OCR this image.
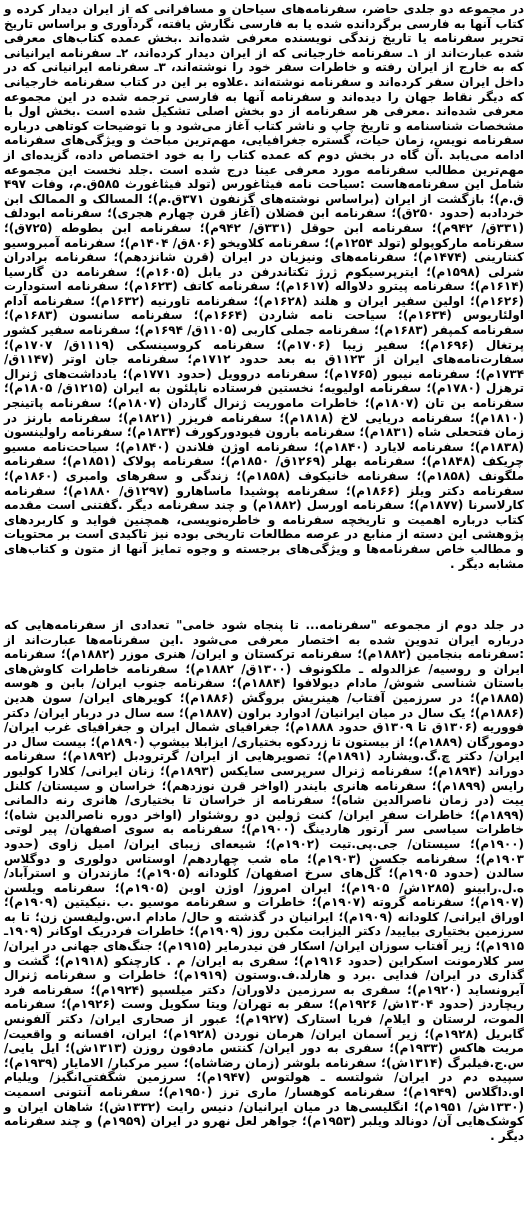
در مجموعه دو جلدی حاضر، سفرنامه‌های سیاحان و مسافرانی که از ایران دیدار کرده و کتاب آنها به فارسی برگردانده شده یا به فارسی نگارش یافته، گردآوری و براساس تاریخ تحریر سفرنامه یا تاریخ زندگی نویسنده معرفی شده‌اند .بخش عمده کتاب‌های معرفی شده عبارت‌اند از ۱ـ سفرنامه خارجیانی که از ایران دیدار کرده‌اند، ۲ـ سفرنامه ایرانیانی که به خارج از ایران رفته و خاطرات سفر خود را نوشته‌اند، ۳ـ سفرنامه ایرانیانی که در داخل ایران سفر کرده‌اند و سفرنامه نوشته‌اند .علاوه بر این در کتاب سفرنامه خارجیانی که دیگر نقاط جهان را دیده‌اند و سفرنامه آنها به فارسی ترجمه شده در این مجموعه معرفی شده‌اند .معرفی هر سفرنامه از دو بخش اصلی تشکیل شده است .بخش اول با مشخصات شناسنامه و تاریخ چاپ و ناشر کتاب آغاز می‌شود و با توضیحات کوتاهی درباره سفرنامه نویس، زمان حیات، گستره جغرافیایی، مهم‌ترین مباحث و ویژگی‌های سفرنامه ادامه می‌یابد .آن گاه در بخش دوم که عمده کتاب را به خود اختصاص داده، گزیده‌ای از مهم‌ترین مطالب سفرنامه مورد معرفی عینا درج شده است .جلد نخست این مجموعه شامل این سفرنامه‌هاست :سیاحت نامه فیثاغورس (تولد فیثاغورث ۵۸۵ق.م، وفات ۴۹۷ ق.م)؛ بازگشت از ایران (براساس نوشته‌های گزنفون ۳۷۱ق.م)؛ المسالک و الممالک ابن خردادبه (حدود ۲۵۰ق)؛ سفرنامه ابن فضلان (آغاز قرن چهارم هجری)؛ سفرنامه ابودلف (۳۳۱ق/ ۹۴۲م)؛ سفرنامه ابن حوقل (۳۳۱ق/ ۹۴۲م)؛ سفرنامه ابن بطوطه (۷۲۵ق)؛ سفرنامه مارکوپولو (تولد ۱۲۵۴م)؛ سفرنامه کلاویخو (۸۰۶ق/ ۱۴۰۴م)؛ سفرنامه آمبروسیو کنتارینی (۱۴۷۴م)؛ سفرنامه‌های ونیزیان در ایران (قرن شانزدهم)؛ سفرنامه برادران شرلی (۱۵۹۸م)؛ ایترپرسیکوم ژرژ تکتاندرفن در یابل (۱۶۰۵م)؛ سفرنامه دن گارسیا (۱۶۱۴م)؛ سفرنامه پیترو دلاواله (۱۶۱۷م)؛ سفرنامه کاتف (۱۶۲۳م)؛ سفرنامه استودارت (۱۶۲۶م)؛ اولین سفیر ایران و هلند (۱۶۲۸م)؛ سفرنامه تاورنیه (۱۶۳۲م)؛ سفرنامه آدام اولئاریوس (۱۶۳۴م)؛ سیاحت نامه شاردن (۱۶۶۴م)؛ سفرنامه سانسون (۱۶۸۳م)؛ سفرنامه کمپفر (۱۶۸۳م)؛ سفرنامه جملی کاربی (۱۱۰۵ق/ ۱۶۹۴م)؛ سفرنامه سفیر کشور پرتغال (۱۶۹۶م)؛ سفیر زیبا (۱۷۰۶م)؛ سفرنامه کروسینسکی (۱۱۱۹ق/ ۱۷۰۷م)؛ سفارت‌نامه‌های ایران از ۱۱۲۳ق به بعد حدود ۱۷۱۲م؛ سفرنامه جان اوتر (۱۱۴۷ق/ ۱۷۳۴م)؛ سفرنامه نیبور (۱۷۶۵م)؛ سفرنامه دروویل (حدود ۱۷۷۱م)؛ یادداشت‌های ژنرال ترهزل (۱۷۸۰م)؛ سفرنامه اولیویه؛ نخستین فرستاده ناپلئون به ایران (۱۲۱۵ق/ ۱۸۰۵م)؛ سفرنامه بن تان (۱۸۰۷م)؛ خاطرات ماموریت ژنرال گاردان (۱۸۰۷م)؛ سفرنامه پاتینجر (۱۸۱۰م)؛ سفرنامه دریایی لاخ (۱۸۱۸م)؛ سفرنامه فریزر (۱۸۲۱م)؛ سفرنامه بارنز در زمان فتحعلی شاه (۱۸۳۱م)؛ سفرنامه بارون فیودورکورف (۱۸۳۴م)؛ سفرنامه راولینسون (۱۸۳۸م)؛ سفرنامه لایارد (۱۸۴۰م)؛ سفرنامه اوژن فلاندن (۱۸۴۰م)؛ سیاحت‌نامه مسیو چریکف (۱۸۴۸م)؛ سفرنامه بهلر (۱۲۶۹ق/ ۱۸۵۰م)؛ سفرنامه پولاک (۱۸۵۱م)؛ سفرنامه ملگونف (۱۸۵۸م)؛ سفرنامه خانیکوف (۱۸۵۸م)؛ زندگی و سفرهای وامبری (۱۸۶۰م)؛ سفرنامه دکتر ویلز (۱۸۶۶م)؛ سفرنامه پوشیدا ماساهارو (۱۲۹۷ق/ ۱۸۸۰م)؛ سفرنامه کارلاسرنا (۱۸۷۷م)؛ سفرنامه اورسل (۱۸۸۲م) و چند سفرنامه دیگر .گفتنی است مقدمه کتاب درباره اهمیت و تاریخچه سفرنامه و خاطره‌نویسی، همچنین فواید و کاربردهای پژوهشی این دسته از منابع در عرصه مطالعات تاریخی بوده نیز تاکیدی است بر محتویات و مطالب خاص سفرنامه‌ها و ویژگی‌های برجسته و وجوه تمایز آنها از متون و کتاب‌های مشابه دیگر .

در جلد دوم از مجموعه "سفرنامه... تا پنجاه شود خامی" تعدادی از سفرنامه‌هایی که درباره ایران تدوین شده به اختصار معرفی می‌شود .این سفرنامه‌ها عبارت‌اند از :سفرنامه بنجامین (۱۸۸۲م)؛ سفرنامه ترکستان و ایران/ هنری موزر (۱۸۸۲م)؛ سفرنامه ایران و روسیه/ عزالدوله ـ ملکونوف (۱۳۰۰ق/ ۱۸۸۲م)؛ سفرنامه خاطرات کاوش‌های باستان شناسی شوش/ مادام دیولافوا (۱۸۸۴م)؛ سفرنامه جنوب ایران/ بابن و هوسه (۱۸۸۵م)؛ در سرزمین آفتاب/ هینریش بروگش (۱۸۸۶م)؛ کویرهای ایران/ سون هدین (۱۸۸۶م)؛ یک سال در میان ایرانیان/ ادوارد براون (۱۸۸۷م)؛ سه سال در دربار ایران/ دکتر فووریه (۱۳۰۶ق تا ۱۳۰۹ق حدود ۱۸۸۸م)؛ جغرافیای شمال ایران و جغرافیای غرب ایران/ دومورگان (۱۸۸۹م)؛ از بیستون تا زردکوه بختیاری/ ایزابلا بیشوپ (۱۸۹۰م)؛ بیست سال در ایران/ دکتر چ.گ.ویشارد (۱۸۹۱م)؛ تصویرهایی از ایران/ گرترودبل (۱۸۹۲م)؛ سفرنامه دوراند (۱۸۹۴م)؛ سفرنامه ژنرال سرپرسی سایکس (۱۸۹۳م)؛ زنان ایرانی/ کلارا کولیور رایس (۱۸۹۹م)؛ سفرنامه هانری بایندر (اواخر قرن نوزدهم)؛ خراسان و سیستان/ کلنل ییت (در زمان ناصرالدین شاه)؛ سفرنامه از خراسان تا بختیاری/ هانری رنه دالمانی (۱۸۹۹م)؛ خاطرات سفر ایران/ کنت ژولین دو روشئوار (اواخر دوره ناصرالدین شاه)؛ خاطرات سیاسی سر آرتور هاردینگ (۱۹۰۰م)؛ سفرنامه به سوی اصفهان/ پیر لوتی (۱۹۰۰م)؛ سیستان/ جی.پی.تیت (۱۹۰۲م)؛ شیعه‌ای زیبای ایران/ امیل زاوی (حدود ۱۹۰۳م)؛ سفرنامه جکسن (۱۹۰۳م)؛ ماه شب چهاردهم/ اوستاس دولوری و دوگلاس سالدن (حدود ۱۹۰۵م)؛ گل‌های سرخ اصفهان/ کلودانه (۱۹۰۵م)؛ مازندران و استرآباد/ ه.ل.رابینو (۱۲۸۵ش/ ۱۹۰۵م)؛ ایران امروز/ اوژن اوبن (۱۹۰۵م)؛ سفرنامه ویلسن (۱۹۰۷م)؛ سفرنامه گروته (۱۹۰۷م)؛ خاطرات و سفرنامه موسیو .ب .نیکیتین (۱۹۰۹م)؛ اوراق ایرانی/ کلودانه (۱۹۰۹م)؛ ایرانیان در گذشته و حال/ مادام ا.س.ولیفسن زن؛ تا به سرزمین بختیاری بیایید/ دکتر الیزابت مکبن روز (۱۹۰۹م)؛ خاطرات فردریک اوکانر (۱۹۰۹ـ ۱۹۱۵م)؛ زیر آفتاب سوزان ایران/ اسکار فن نیدرمایر (۱۹۱۵م)؛ جنگ‌های جهانی در ایران/ سر کلارمونت اسکراین (حدود ۱۹۱۶م)؛ سفری به ایران/ م . کارچنکو (۱۹۱۸م)؛ گشت و گذاری در ایران/ فدایی .برد و هارلد.ف.وستون (۱۹۱۹م)؛ خاطرات و سفرنامه ژنرال آیرونساید (۱۹۲۰م)؛ سفری به سرزمین دلاوران/ دکتر میلسپو (۱۹۲۴م)؛ سفرنامه فرد ریچاردز (حدود ۱۳۰۴ش/ ۱۹۲۶م)؛ سفر به تهران/ ویتا سکویل وست (۱۹۲۶م)؛ سفرنامه الموت، لرستان و ایلام/ فریا استارک (۱۹۲۷م)؛ عبور از صحاری ایران/ دکتر آلفونس گابریل (۱۹۲۸م)؛ زیر آسمان ایران/ هرمان نوردن (۱۹۲۸م)؛ ایران، افسانه و واقعیت/ مریت هاکس (۱۹۳۳م)؛ سفری به دور ایران/ کنتس مادفون روزن (۱۳۱۳ش)؛ ایل یایی/ س.ج.فیلبرگ (۱۳۱۴ش)؛ سفرنامه بلوشر (زمان رضاشاه)؛ سیر مرکبار/ الامایار (۱۹۳۹م)؛ سپیده دم در ایران/ شولتسه ـ هولتوس (۱۹۴۷م)؛ سرزمین شگفتی‌انگیز/ ویلیام او.داگلاس (۱۹۴۹م)؛ سفرنامه کوهسار/ ماری ترز (۱۹۵۰م)؛ سفرنامه آنتونی اسمیت (۱۳۳۰ش/ ۱۹۵۱م)؛ انگلیسی‌ها در میان ایرانیان/ دنیس رایت (۱۳۳۲ش)؛ شاهان ایران و کوشک‌هایی آن/ دونالد ویلبر (۱۹۵۳م)؛ جواهر لعل نهرو در ایران (۱۹۵۹م) و چند سفرنامه دیگر .
